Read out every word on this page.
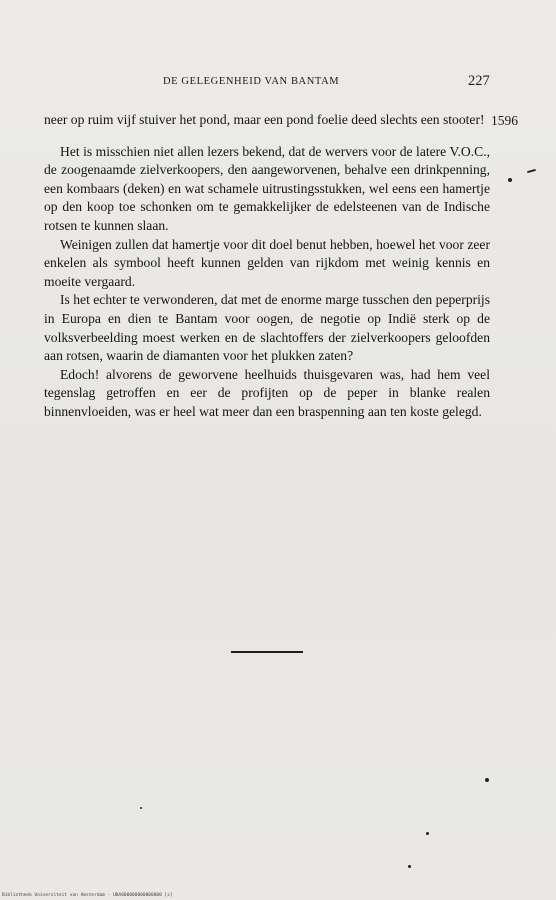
DE GELEGENHEID VAN BANTAM	227
1596

neer op ruim vijf stuiver het pond, maar een pond foelie deed slechts een stooter!

Het is misschien niet allen lezers bekend, dat de wervers voor de latere V.O.C., de zoogenaamde zielverkoopers, den aangeworvenen, behalve een drinkpenning, een kombaars (deken) en wat schamele uitrustingsstukken, wel eens een hamertje op den koop toe schonken om te gemakkelijker de edelsteenen van de Indische rotsen te kunnen slaan.

Weinigen zullen dat hamertje voor dit doel benut hebben, hoewel het voor zeer enkelen als symbool heeft kunnen gelden van rijkdom met weinig kennis en moeite vergaard.

Is het echter te verwonderen, dat met de enorme marge tusschen den peperprijs in Europa en dien te Bantam voor oogen, de negotie op Indië sterk op de volksverbeelding moest werken en de slachtoffers der zielverkoopers geloofden aan rotsen, waarin de diamanten voor het plukken zaten?

Edoch! alvorens de geworvene heelhuids thuisgevaren was, had hem veel tegenslag getroffen en eer de profijten op de peper in blanke realen binnenvloeiden, was er heel wat meer dan een braspenning aan ten koste gelegd.

Bibliotheek Universiteit van Amsterdam · UBA000000000000000 [s]
